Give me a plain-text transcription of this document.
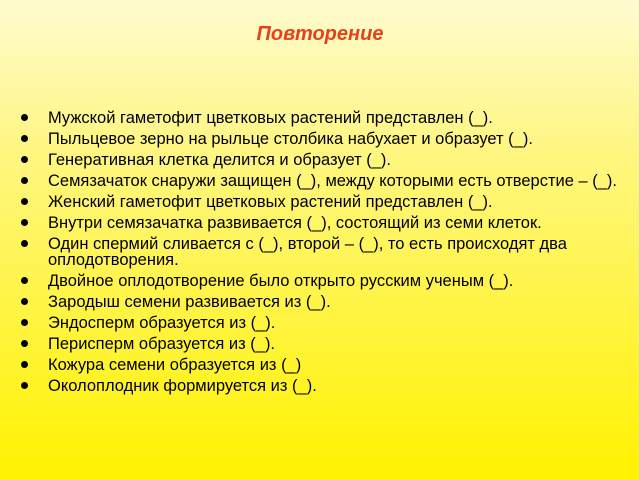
Повторение
Мужской гаметофит цветковых растений представлен (_).
Пыльцевое зерно на рыльце столбика набухает и образует (_).
Генеративная клетка делится и образует (_).
Семязачаток снаружи защищен (_), между которыми есть отверстие – (_).
Женский гаметофит цветковых растений представлен (_).
Внутри семязачатка развивается (_), состоящий из семи клеток.
Один спермий сливается с (_), второй – (_), то есть происходят два оплодотворения.
Двойное оплодотворение было открыто русским ученым (_).
Зародыш семени развивается из (_).
Эндосперм образуется из (_).
Перисперм образуется из (_).
Кожура семени образуется из (_)
Околоплодник формируется из (_).
